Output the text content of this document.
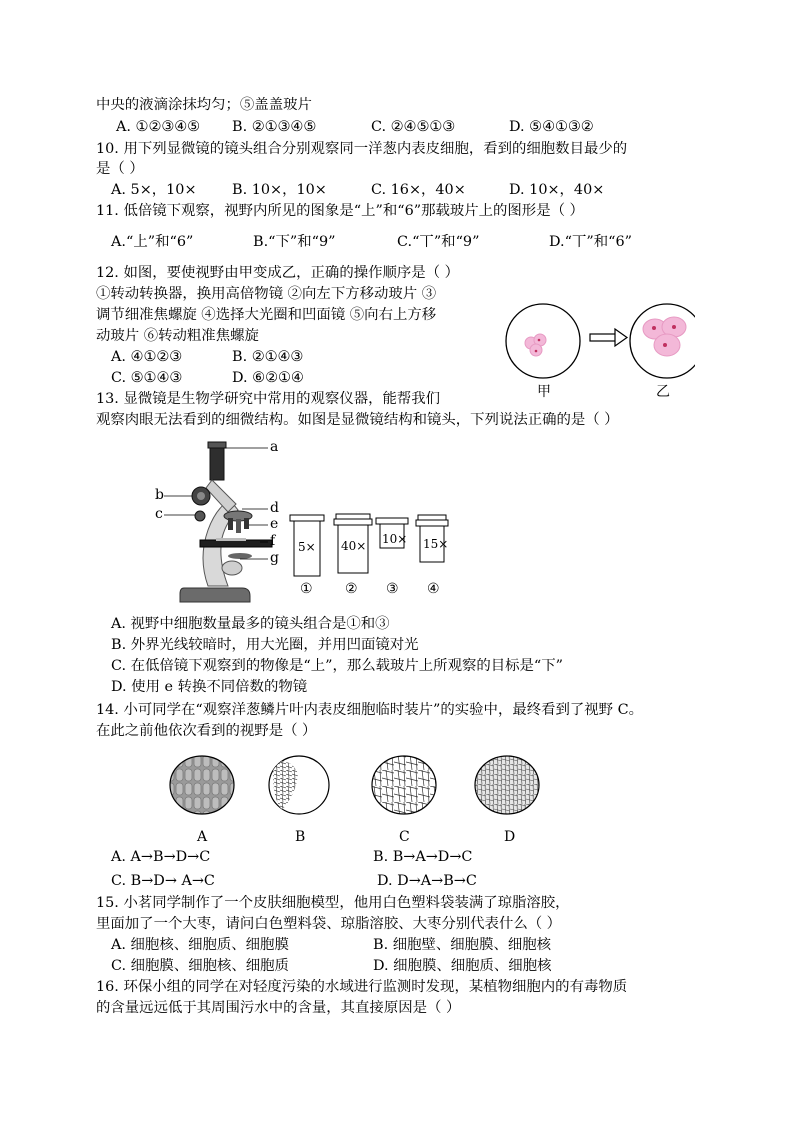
中央的液滴涂抹均匀；⑤盖盖玻片
A. ①②③④⑤ B. ②①③④⑤	C. ②④⑤①③	D. ⑤④①③②
10. 用下列显微镜的镜头组合分别观察同一洋葱内表皮细胞，看到的细胞数目最少的
是（ ）
A. 5×，10× B. 10×，10×	C. 16×，40×	D. 10×，40×
11. 低倍镜下观察，视野内所见的图象是“上”和“6”那载玻片上的图形是（ ）
A.“上”和“6”	B.“下”和“9”	C.“丅”和“9”	D.“丅”和“6”
12. 如图，要使视野由甲变成乙，正确的操作顺序是（ ）
①转动转换器，换用高倍物镜 ②向左下方移动玻片 ③
调节细准焦螺旋 ④选择大光圈和凹面镜 ⑤向右上方移
动玻片 ⑥转动粗准焦螺旋
A. ④①②③	B. ②①④③
C. ⑤①④③	D. ⑥②①④
甲	乙
13. 显微镜是生物学研究中常用的观察仪器，能帮我们
观察肉眼无法看到的细微结构。如图是显微镜结构和镜头，下列说法正确的是（ ）
a
b
c	d
e
f
g
5× 40× 10× 15×
① ② ③ ④
A. 视野中细胞数量最多的镜头组合是①和③
B. 外界光线较暗时，用大光圈，并用凹面镜对光
C. 在低倍镜下观察到的物像是“上”，那么载玻片上所观察的目标是“下”
D. 使用 e 转换不同倍数的物镜
14. 小可同学在“观察洋葱鳞片叶内表皮细胞临时装片”的实验中，最终看到了视野 C。
在此之前他依次看到的视野是（ ）
A	B	C	D
A. A→B→D→C	B. B→A→D→C
C. B→D→ A→C	D. D→A→B→C
15. 小茗同学制作了一个皮肤细胞模型，他用白色塑料袋装满了琼脂溶胶，
里面加了一个大枣，请问白色塑料袋、琼脂溶胶、大枣分别代表什么（ ）
A. 细胞核、细胞质、细胞膜	B. 细胞壁、细胞膜、细胞核
C. 细胞膜、细胞核、细胞质	D. 细胞膜、细胞质、细胞核
16. 环保小组的同学在对轻度污染的水域进行监测时发现，某植物细胞内的有毒物质
的含量远远低于其周围污水中的含量，其直接原因是（ ）
